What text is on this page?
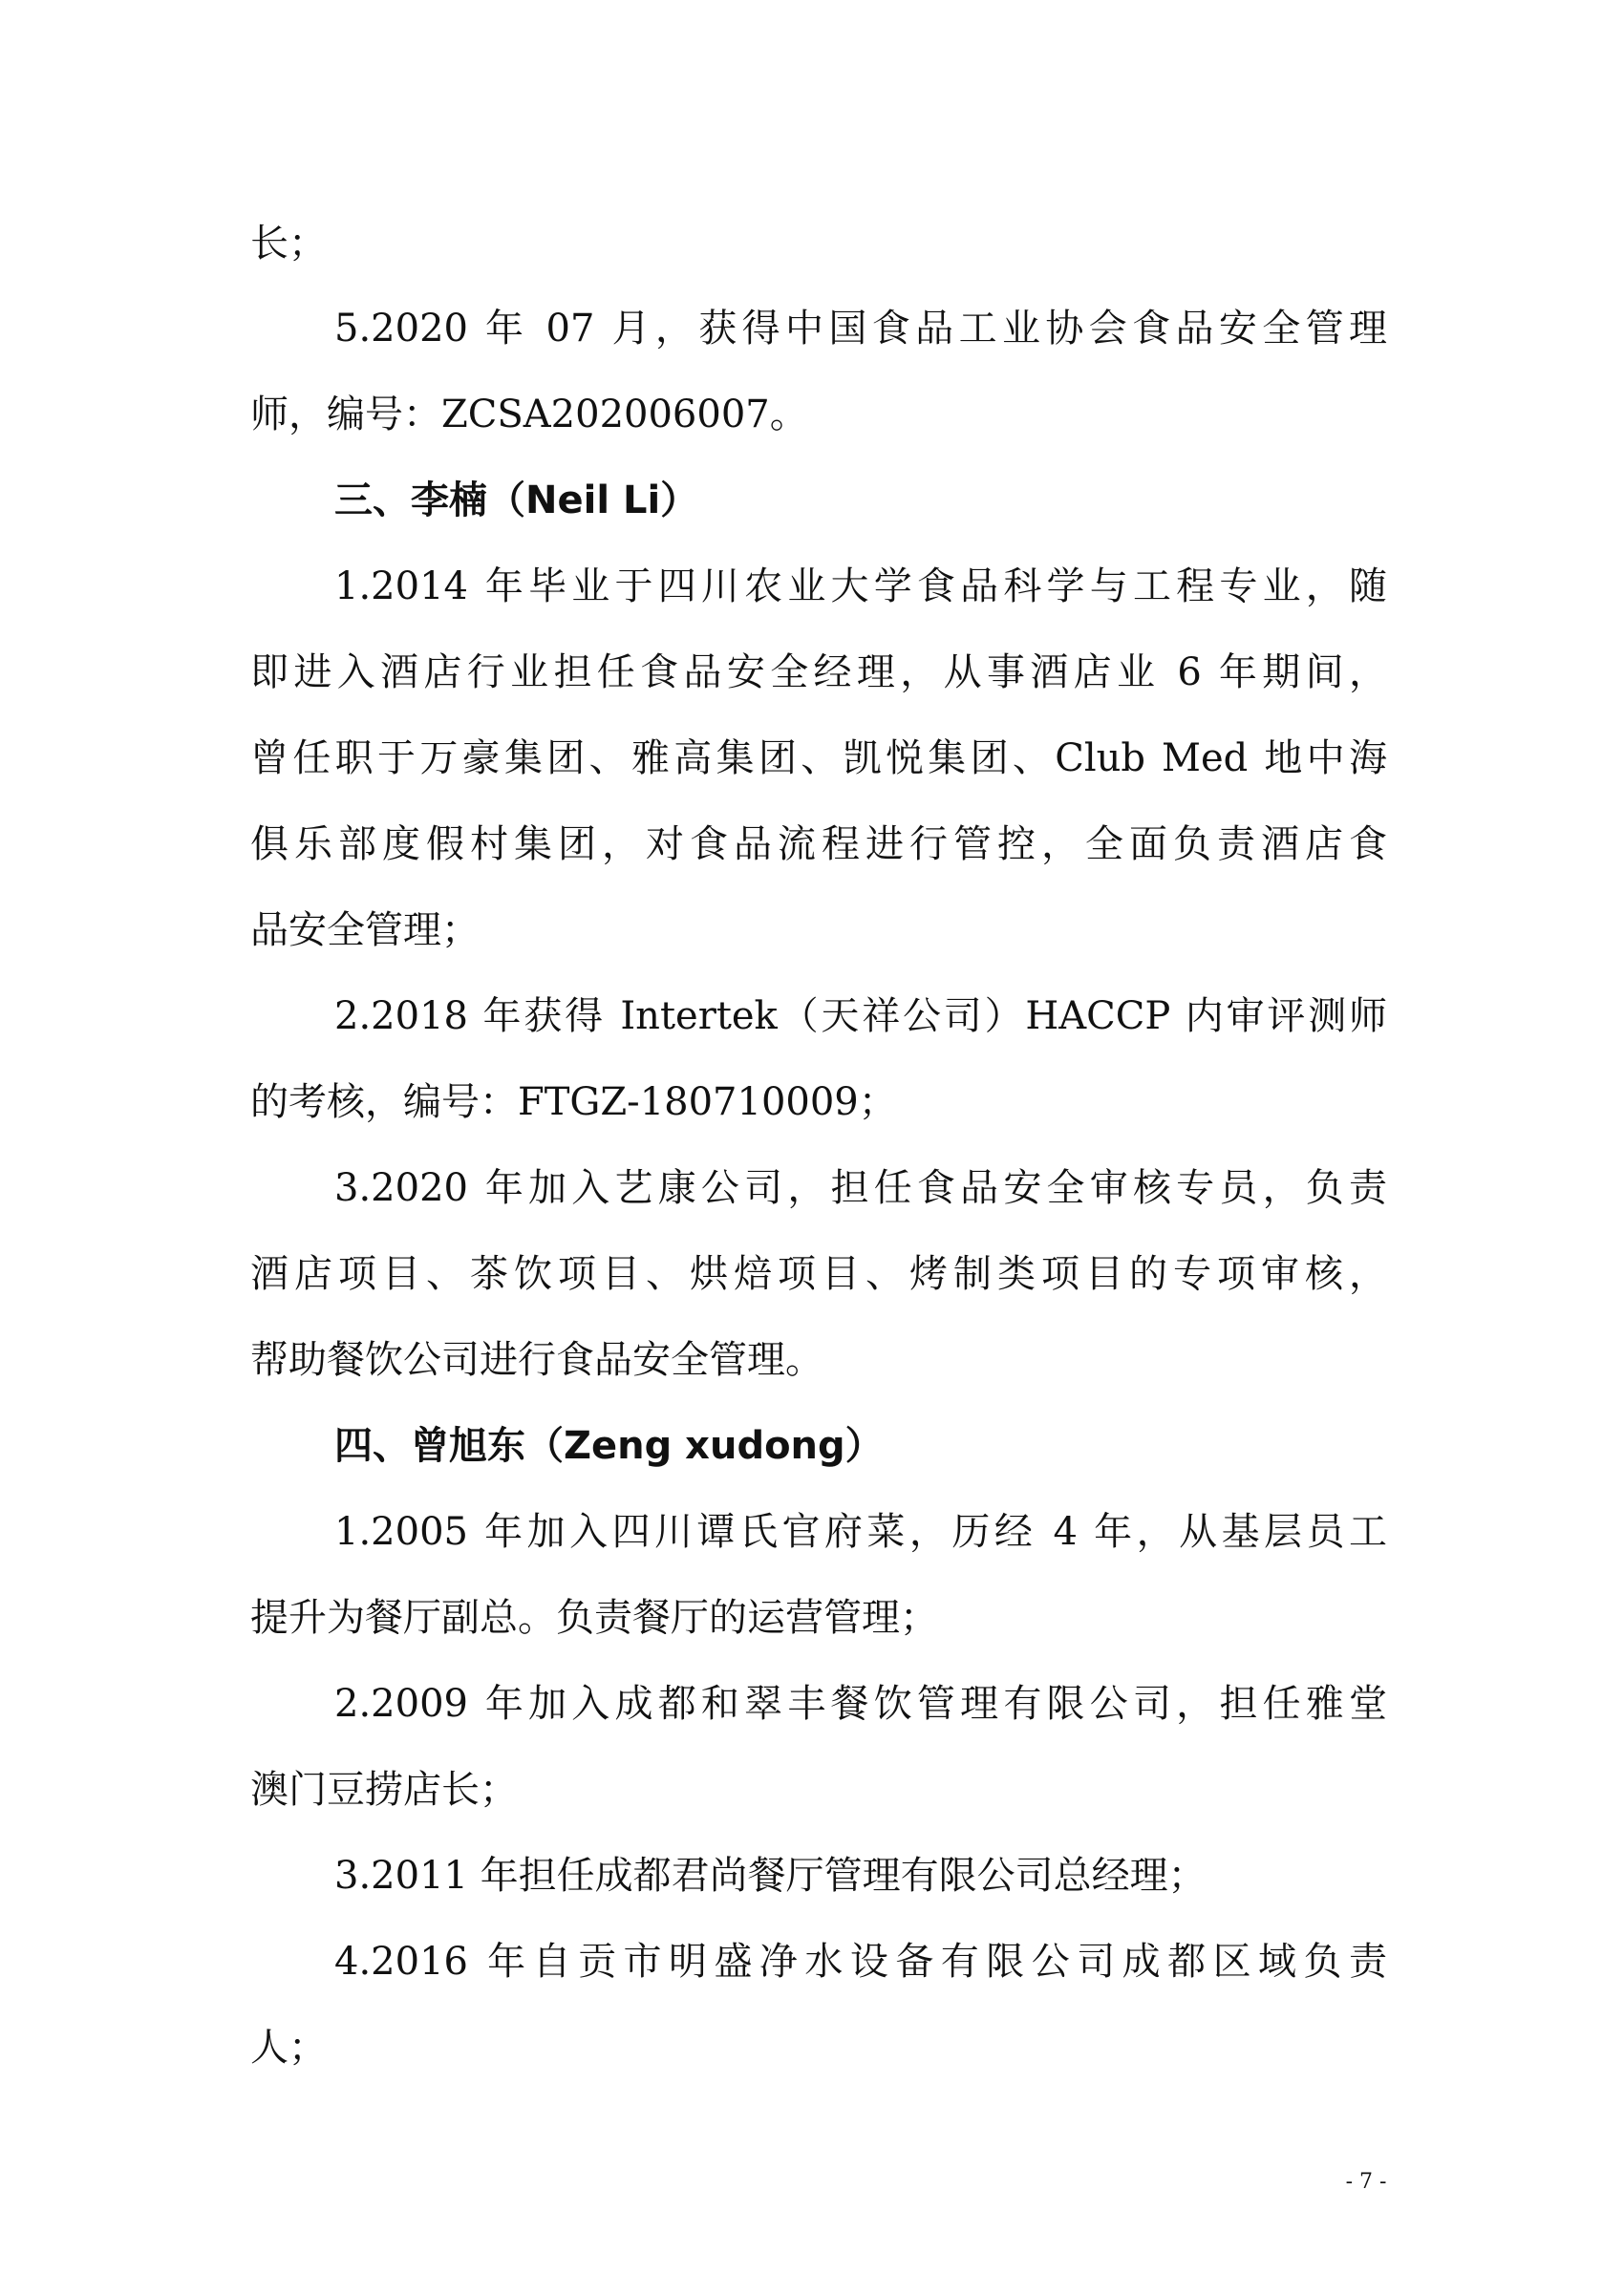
长；
5.2020 年 07 月，获得中国食品工业协会食品安全管理
师，编号：ZCSA202006007。
三、李楠（Neil Li）
1.2014 年毕业于四川农业大学食品科学与工程专业，随
即进入酒店行业担任食品安全经理，从事酒店业 6 年期间，
曾任职于万豪集团、雅高集团、凯悦集团、Club Med 地中海
俱乐部度假村集团，对食品流程进行管控，全面负责酒店食
品安全管理；
2.2018 年获得 Intertek（天祥公司）HACCP 内审评测师
的考核，编号：FTGZ-180710009；
3.2020 年加入艺康公司，担任食品安全审核专员，负责
酒店项目、茶饮项目、烘焙项目、烤制类项目的专项审核，
帮助餐饮公司进行食品安全管理。
四、曾旭东（Zeng xudong）
1.2005 年加入四川谭氏官府菜，历经 4 年，从基层员工
提升为餐厅副总。负责餐厅的运营管理；
2.2009 年加入成都和翠丰餐饮管理有限公司，担任雅堂
澳门豆捞店长；
3.2011 年担任成都君尚餐厅管理有限公司总经理；
4.2016 年自贡市明盛净水设备有限公司成都区域负责
人；
- 7 -
